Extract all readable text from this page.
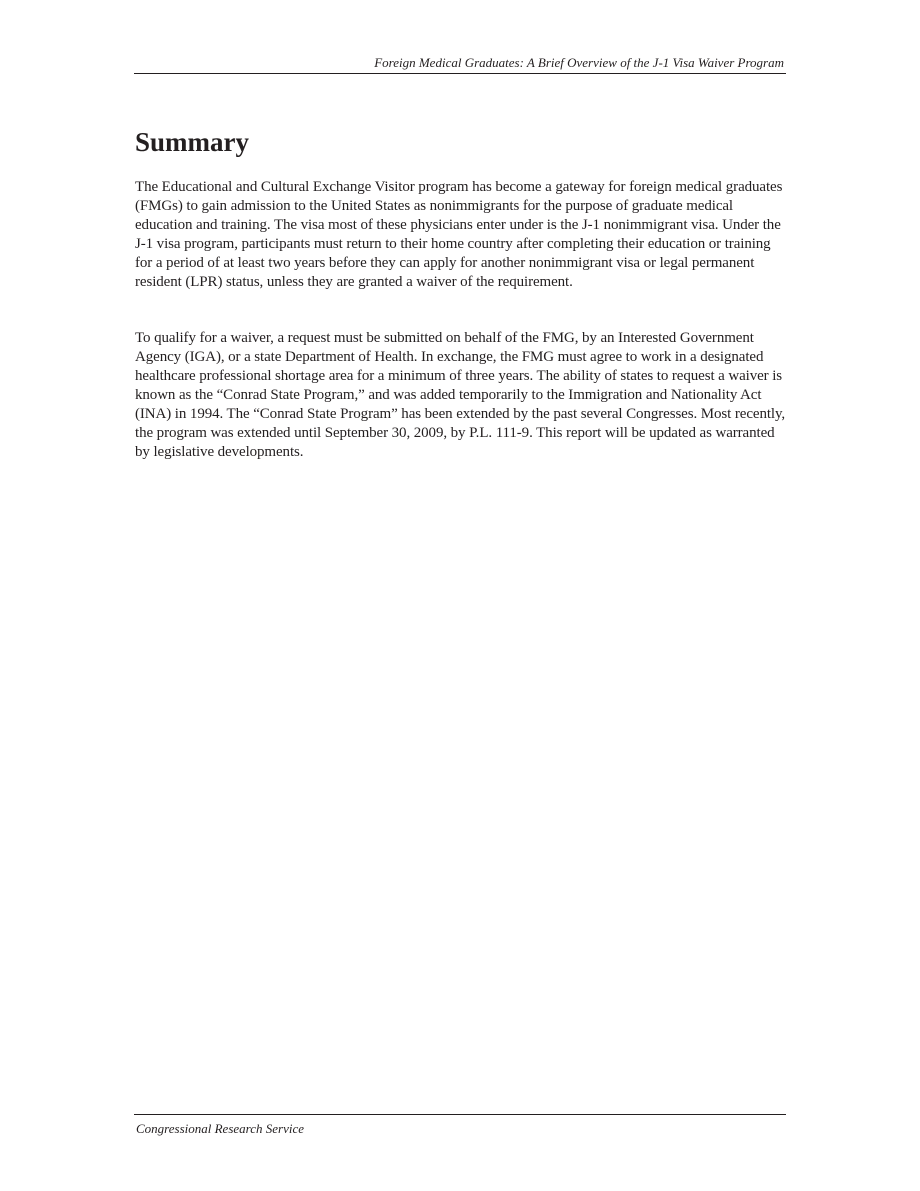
Foreign Medical Graduates: A Brief Overview of the J-1 Visa Waiver Program
Summary

The Educational and Cultural Exchange Visitor program has become a gateway for foreign medical graduates (FMGs) to gain admission to the United States as nonimmigrants for the purpose of graduate medical education and training. The visa most of these physicians enter under is the J-1 nonimmigrant visa. Under the J-1 visa program, participants must return to their home country after completing their education or training for a period of at least two years before they can apply for another nonimmigrant visa or legal permanent resident (LPR) status, unless they are granted a waiver of the requirement.

To qualify for a waiver, a request must be submitted on behalf of the FMG, by an Interested Government Agency (IGA), or a state Department of Health. In exchange, the FMG must agree to work in a designated healthcare professional shortage area for a minimum of three years. The ability of states to request a waiver is known as the “Conrad State Program,” and was added temporarily to the Immigration and Nationality Act (INA) in 1994. The “Conrad State Program” has been extended by the past several Congresses. Most recently, the program was extended until September 30, 2009, by P.L. 111-9. This report will be updated as warranted by legislative developments.

Congressional Research Service
